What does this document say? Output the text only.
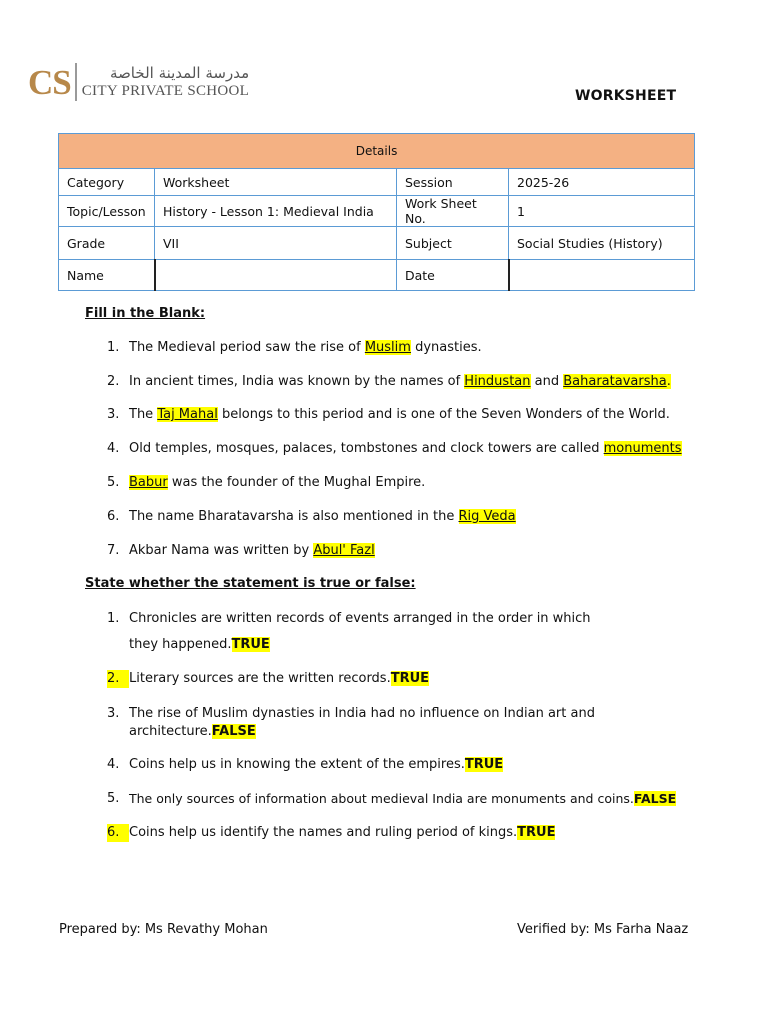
CS	مدرسة المدينة الخاصة
CITY PRIVATE SCHOOL	WORKSHEET
Details			
Category	Worksheet	Session	2025-26
Topic/Lesson	History - Lesson 1: Medieval India	Work Sheet No.	1
Grade	VII	Subject	Social Studies (History)
Name		Date	
Fill in the Blank:
1. The Medieval period saw the rise of Muslim dynasties.
2. In ancient times, India was known by the names of Hindustan and Baharatavarsha.
3. The Taj Mahal belongs to this period and is one of the Seven Wonders of the World.
4. Old temples, mosques, palaces, tombstones and clock towers are called monuments
5. Babur was the founder of the Mughal Empire.
6. The name Bharatavarsha is also mentioned in the Rig Veda
7. Akbar Nama was written by Abul' Fazl
State whether the statement is true or false:
1. Chronicles are written records of events arranged in the order in which
they happened.TRUE
2. Literary sources are the written records.TRUE
3. The rise of Muslim dynasties in India had no influence on Indian art and
architecture.FALSE
4. Coins help us in knowing the extent of the empires.TRUE
5. The only sources of information about medieval India are monuments and coins.FALSE
6. Coins help us identify the names and ruling period of kings.TRUE
Prepared by: Ms Revathy Mohan	Verified by: Ms Farha Naaz
